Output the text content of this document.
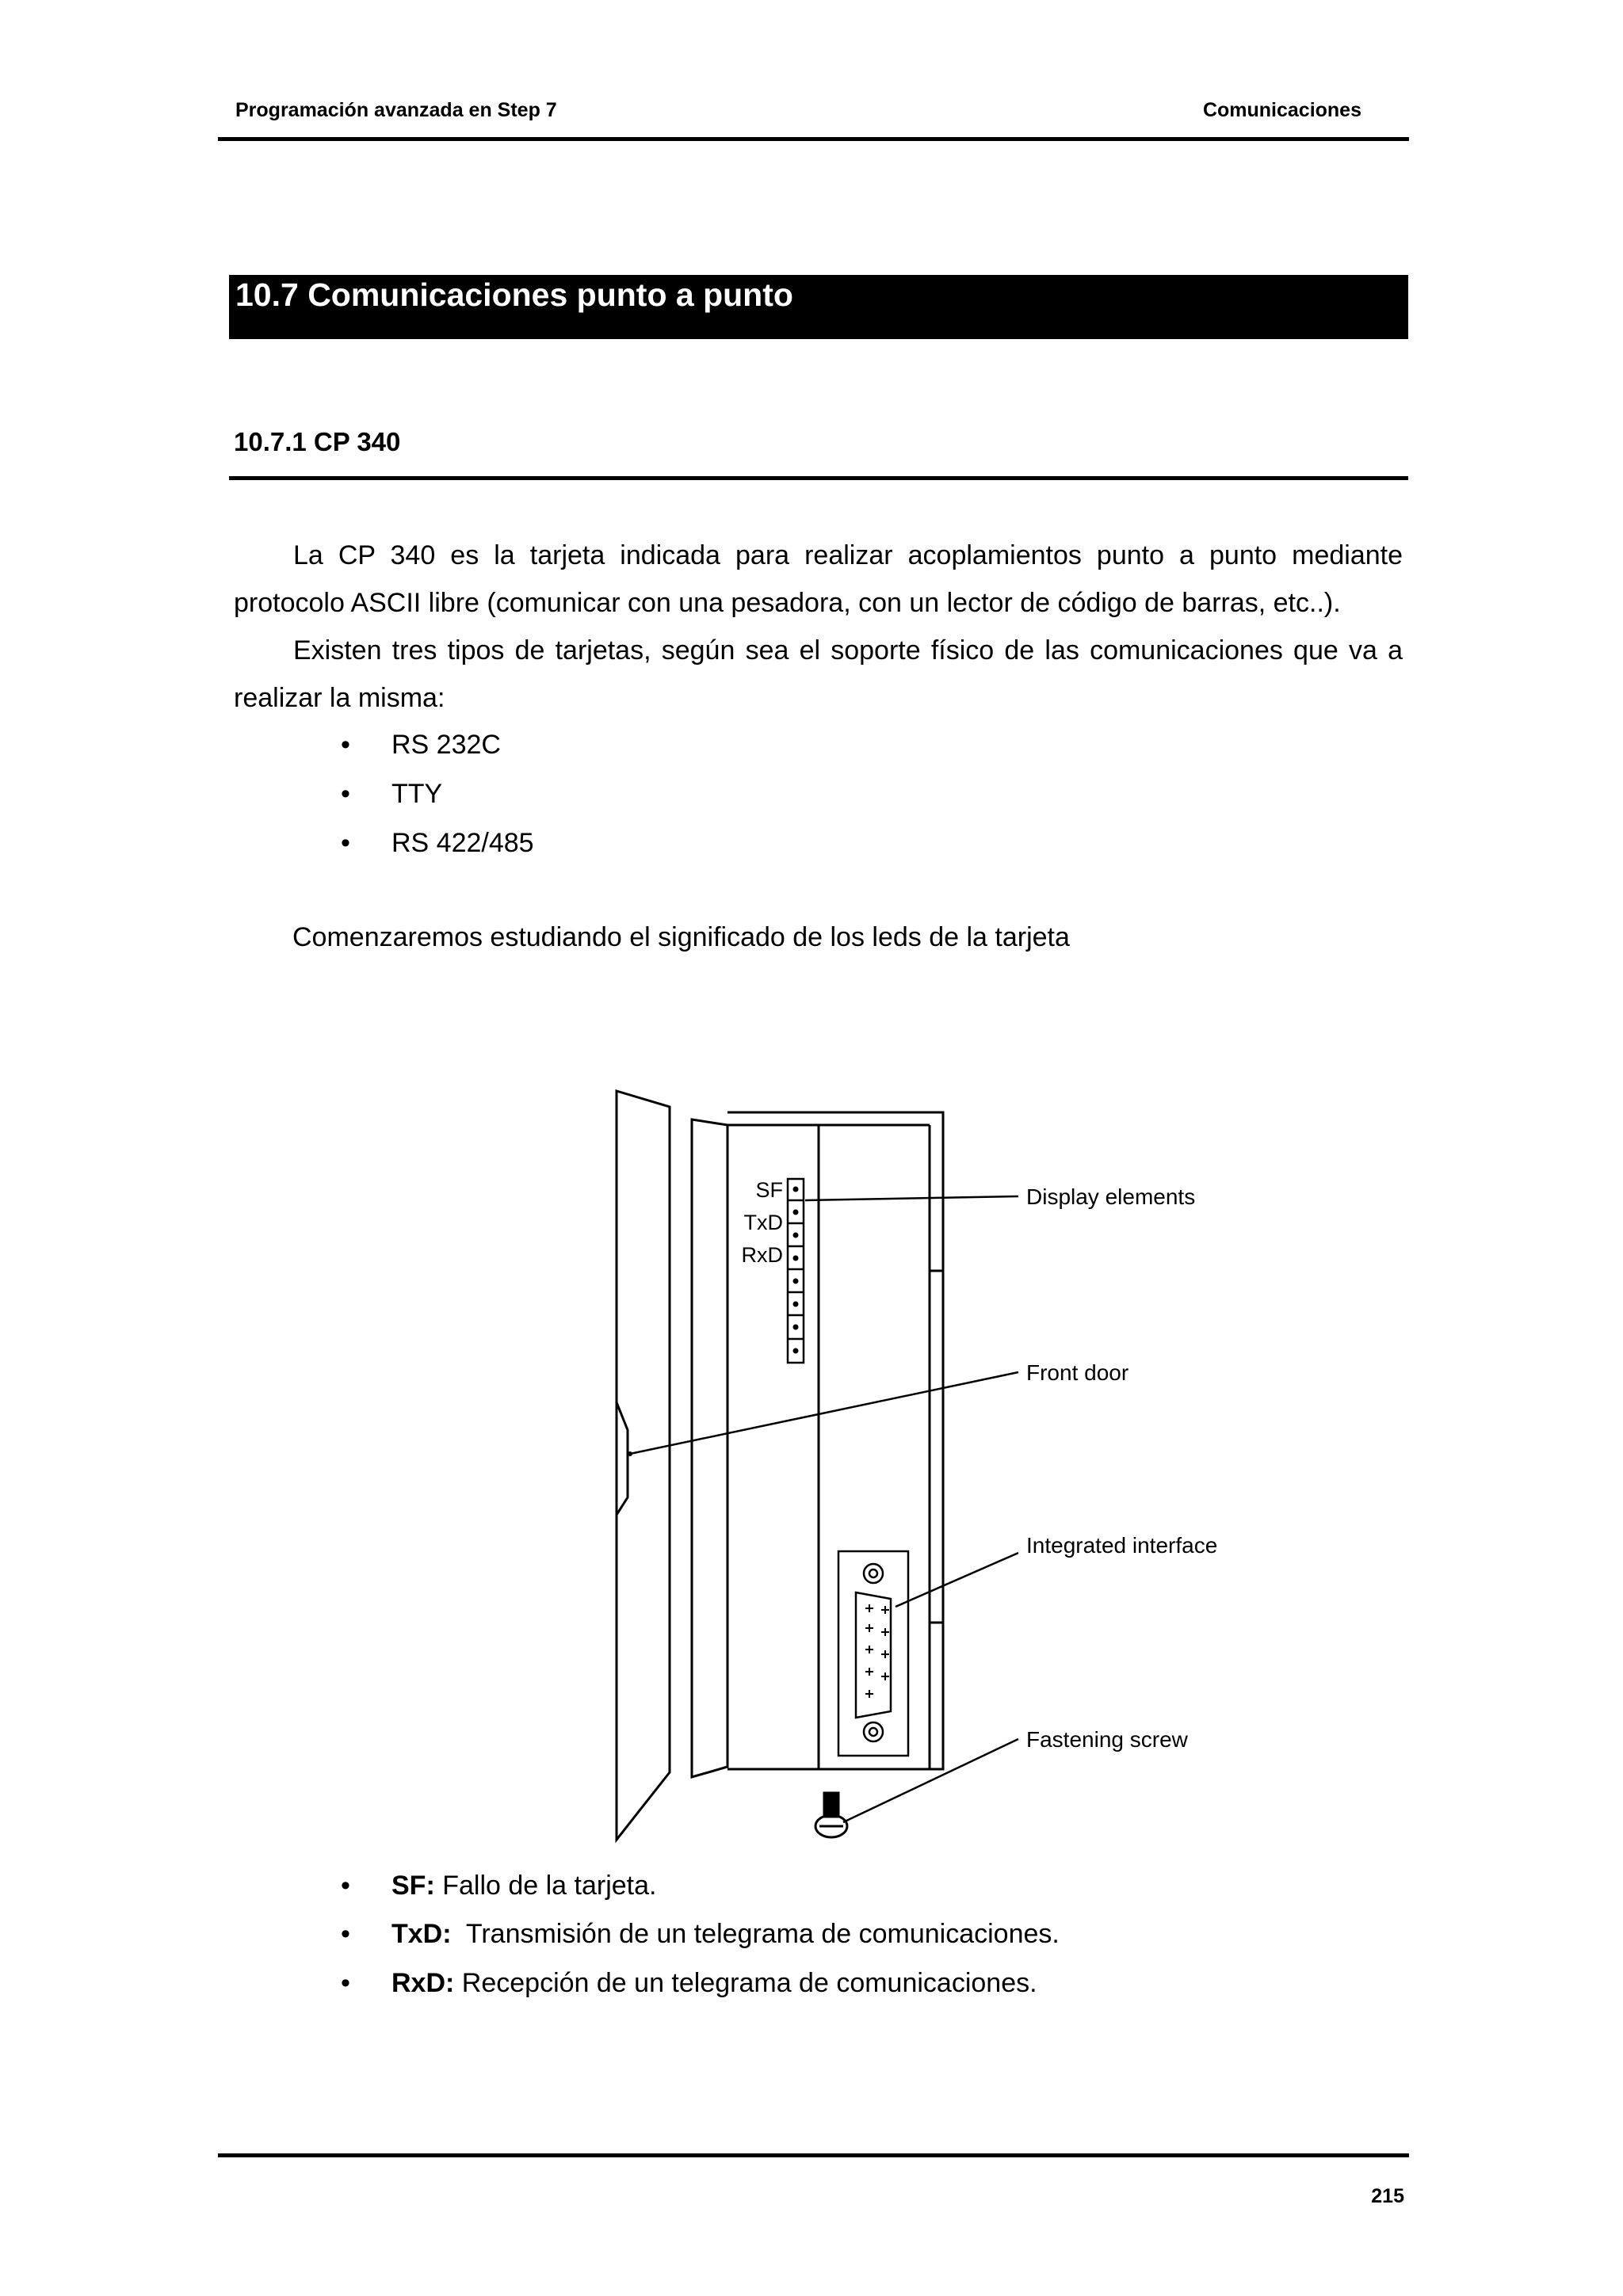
Programación avanzada en Step 7	Comunicaciones
10.7 Comunicaciones punto a punto
10.7.1 CP 340
La CP 340 es la tarjeta indicada para realizar acoplamientos punto a punto mediante
protocolo ASCII libre (comunicar con una pesadora, con un lector de código de barras, etc..).
Existen tres tipos de tarjetas, según sea el soporte físico de las comunicaciones que va a
realizar la misma:
• RS 232C
• TTY
• RS 422/485
Comenzaremos estudiando el significado de los leds de la tarjeta
SF
TxD
RxD
Display elements
Front door
Integrated interface
Fastening screw
• SF: Fallo de la tarjeta.
• TxD:  Transmisión de un telegrama de comunicaciones.
• RxD: Recepción de un telegrama de comunicaciones.
215
